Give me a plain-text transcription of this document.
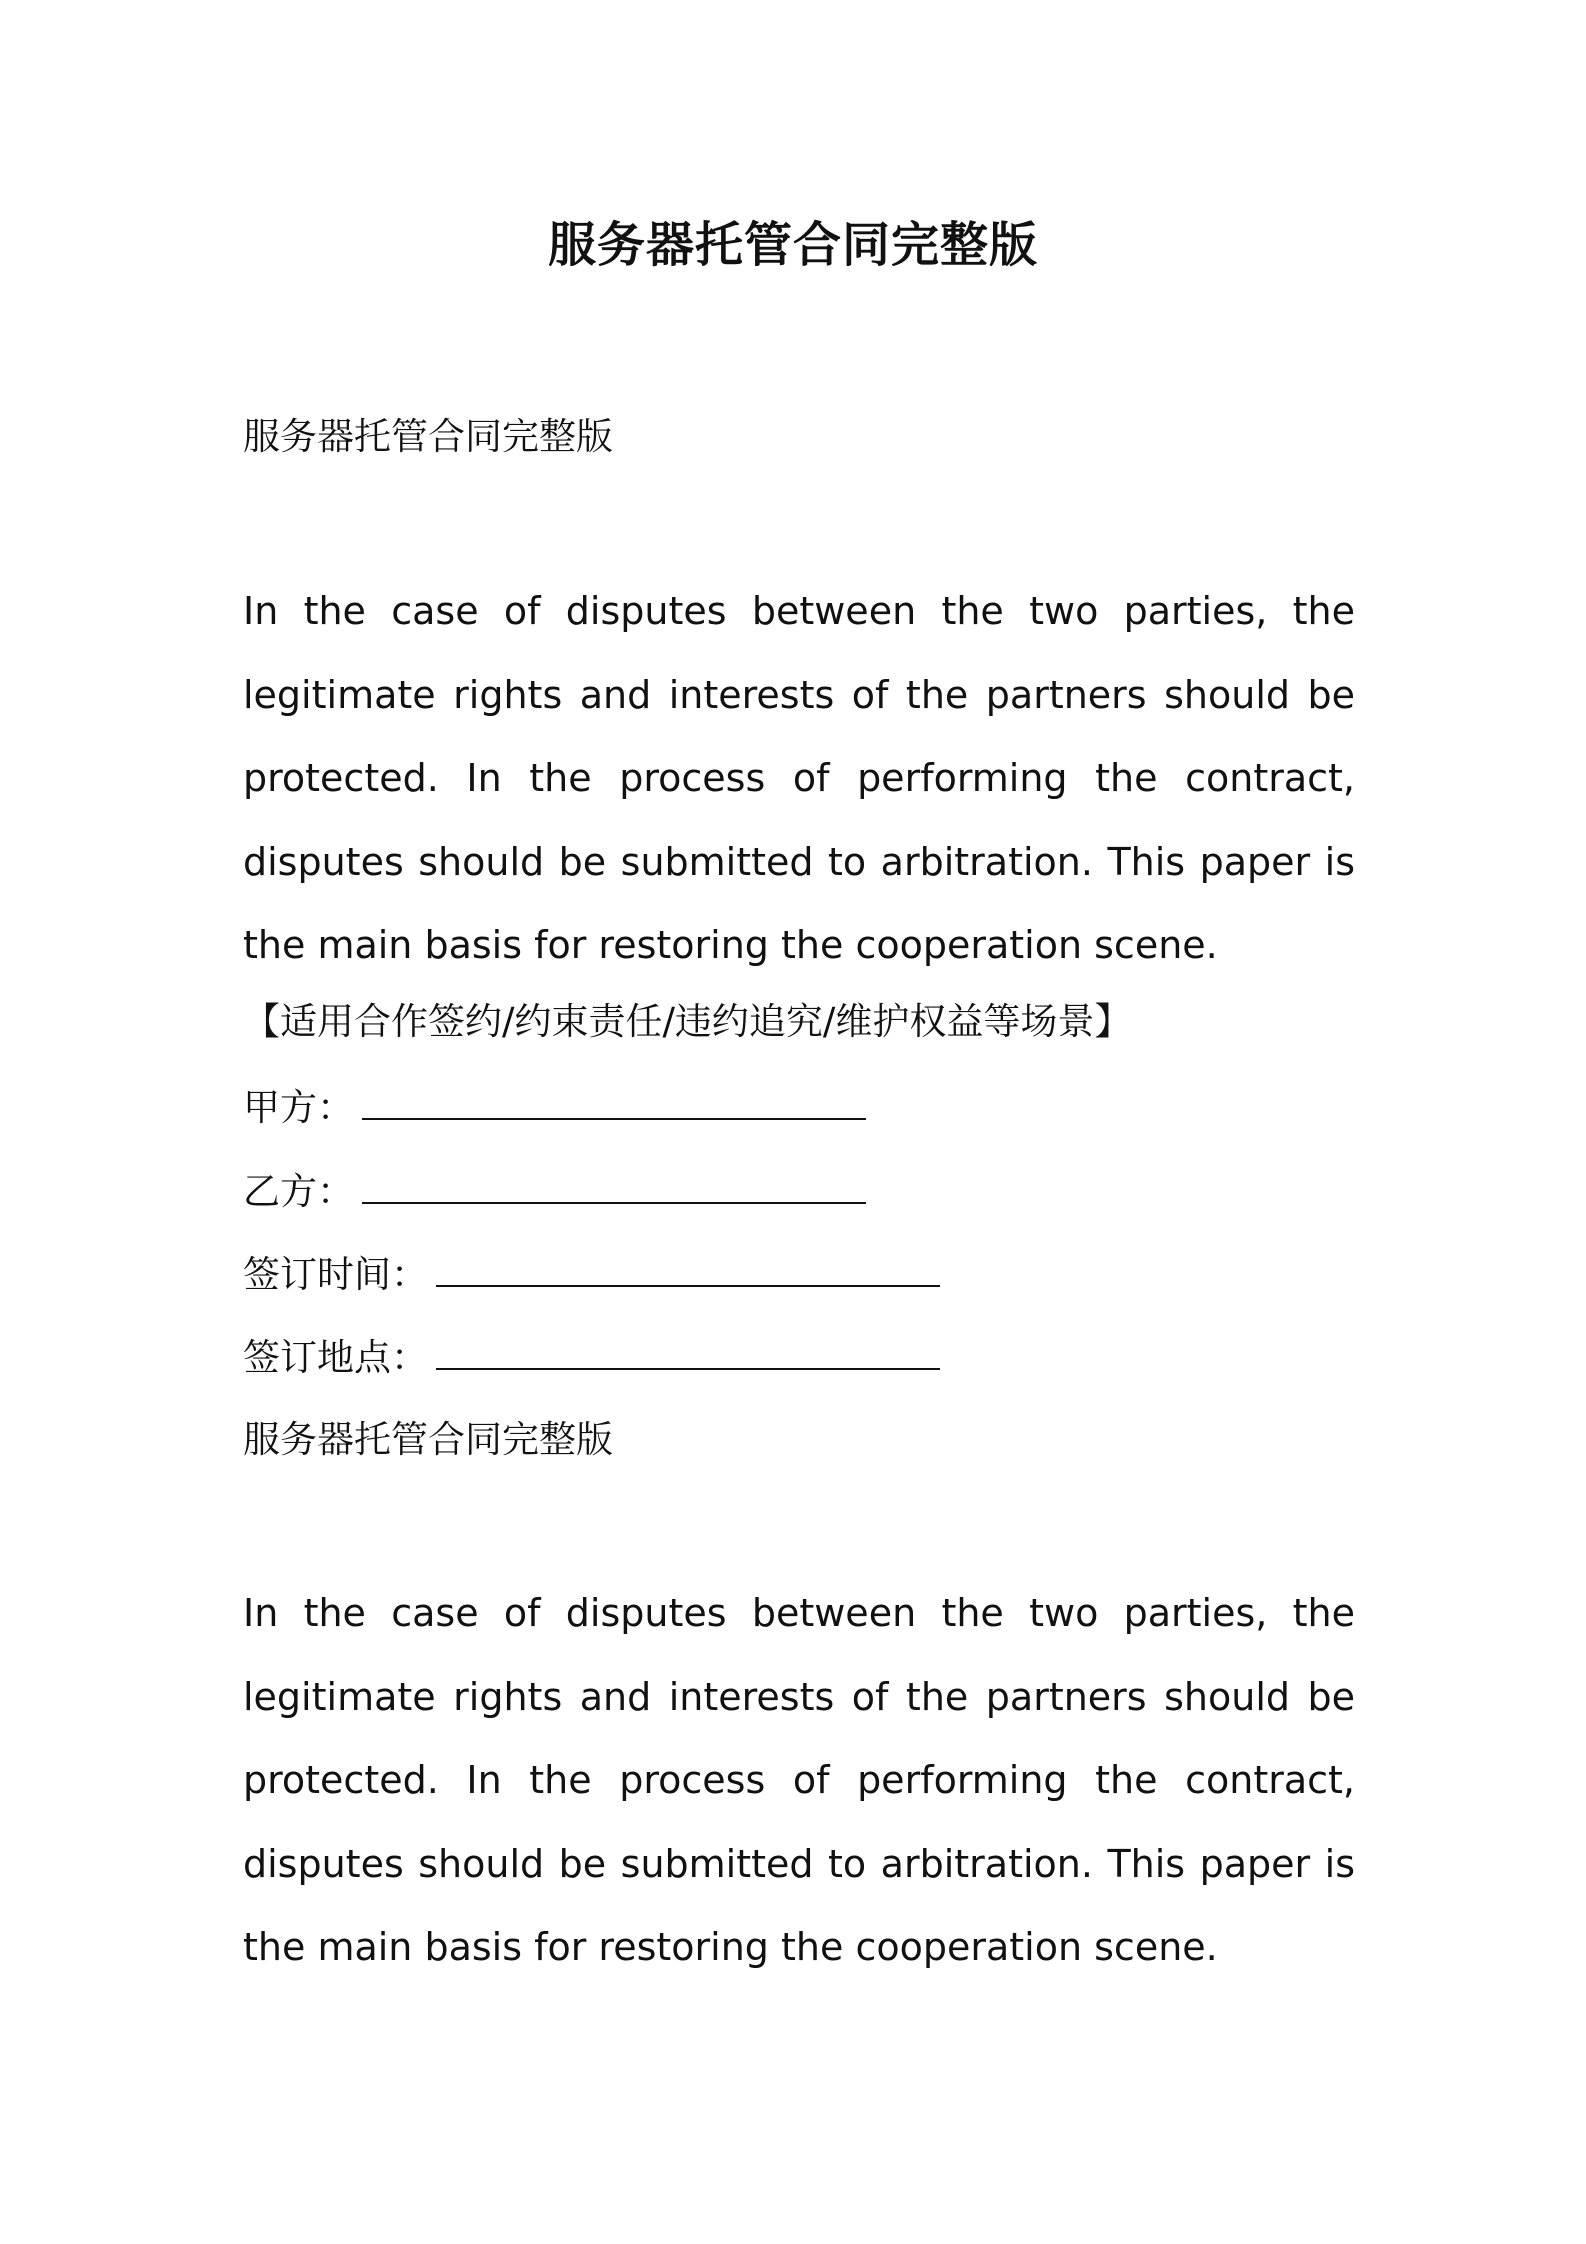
服务器托管合同完整版
服务器托管合同完整版
In the case of disputes between the two parties, the legitimate rights and interests of the partners should be protected. In the process of performing the contract, disputes should be submitted to arbitration. This paper is the main basis for restoring the cooperation scene.
【适用合作签约/约束责任/违约追究/维护权益等场景】
甲方：
乙方：
签订时间：
签订地点：
服务器托管合同完整版
In the case of disputes between the two parties, the legitimate rights and interests of the partners should be protected. In the process of performing the contract, disputes should be submitted to arbitration. This paper is the main basis for restoring the cooperation scene.
